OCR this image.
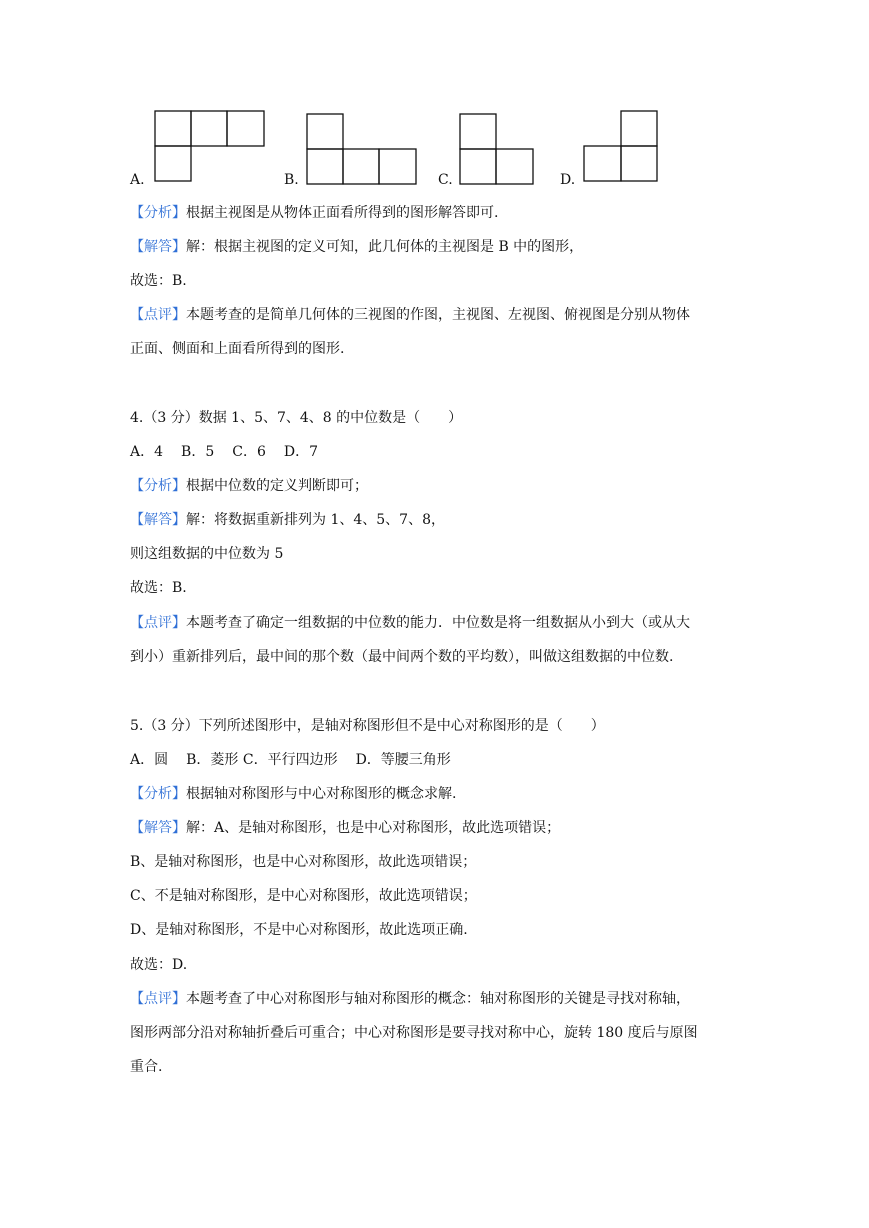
A.	B.	C.	D.
【分析】根据主视图是从物体正面看所得到的图形解答即可.
【解答】解：根据主视图的定义可知，此几何体的主视图是 B 中的图形，
故选：B.
【点评】本题考查的是简单几何体的三视图的作图，主视图、左视图、俯视图是分别从物体
正面、侧面和上面看所得到的图形.
4.（3 分）数据 1、5、7、4、8 的中位数是（　　）
A．4 B．5 C．6 D．7
【分析】根据中位数的定义判断即可；
【解答】解：将数据重新排列为 1、4、5、7、8，
则这组数据的中位数为 5
故选：B.
【点评】本题考查了确定一组数据的中位数的能力．中位数是将一组数据从小到大（或从大
到小）重新排列后，最中间的那个数（最中间两个数的平均数），叫做这组数据的中位数.
5.（3 分）下列所述图形中，是轴对称图形但不是中心对称图形的是（　　）
A．圆 B．菱形 C．平行四边形 D．等腰三角形
【分析】根据轴对称图形与中心对称图形的概念求解.
【解答】解：A、是轴对称图形，也是中心对称图形，故此选项错误；
B、是轴对称图形，也是中心对称图形，故此选项错误；
C、不是轴对称图形，是中心对称图形，故此选项错误；
D、是轴对称图形，不是中心对称图形，故此选项正确.
故选：D.
【点评】本题考查了中心对称图形与轴对称图形的概念：轴对称图形的关键是寻找对称轴，
图形两部分沿对称轴折叠后可重合；中心对称图形是要寻找对称中心，旋转 180 度后与原图
重合.
